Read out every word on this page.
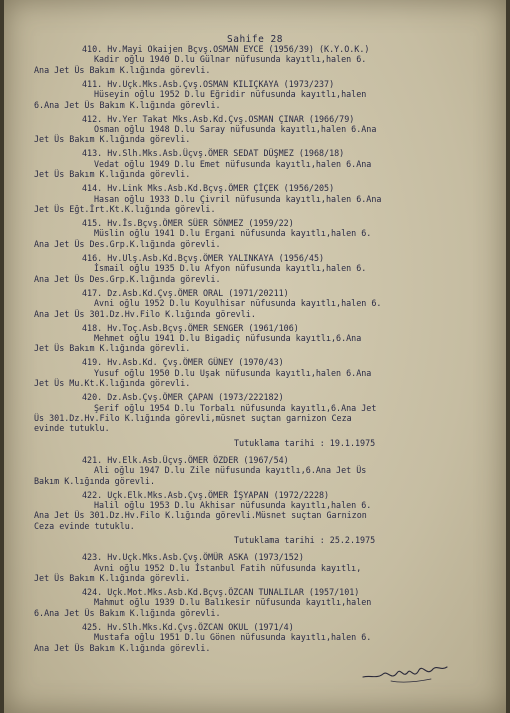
Sahife 28
410. Hv.Mayi Okaijen Bçvş.OSMAN EYCE (1956/39) (K.Y.O.K.)
Kadir oğlu 1940 D.lu Gülnar nüfusunda kayıtlı,halen 6.
Ana Jet Üs Bakım K.lığında görevli.
411. Hv.Uçk.Mks.Asb.Çvş.OSMAN KILIÇKAYA (1973/237)
Hüseyin oğlu 1952 D.lu Eğridir nüfusunda kayıtlı,halen
6.Ana Jet Üs Bakım K.lığında görevli.
412. Hv.Yer Takat Mks.Asb.Kd.Çvş.OSMAN ÇINAR (1966/79)
Osman oğlu 1948 D.lu Saray nüfusunda kayıtlı,halen 6.Ana
Jet Üs Bakım K.lığında görevli.
413. Hv.Slh.Mks.Asb.Üçvş.ÖMER SEDAT DÜŞMEZ (1968/18)
Vedat oğlu 1949 D.lu Emet nüfusunda kayıtlı,halen 6.Ana
Jet Üs Bakım K.lığında görevli.
414. Hv.Link Mks.Asb.Kd.Bçvş.ÖMER ÇİÇEK (1956/205)
Hasan oğlu 1933 D.lu Çivril nüfusunda kayıtlı,halen 6.Ana
Jet Üs Eğt.İrt.Kt.K.lığında görevli.
415. Hv.İs.Bçvş.ÖMER SÜER SÖNMEZ (1959/22)
Müslin oğlu 1941 D.lu Ergani nüfusunda kayıtlı,halen 6.
Ana Jet Üs Des.Grp.K.lığında görevli.
416. Hv.Ulş.Asb.Kd.Bçvş.ÖMER YALINKAYA (1956/45)
İsmail oğlu 1935 D.lu Afyon nüfusunda kayıtlı,halen 6.
Ana Jet Üs Des.Grp.K.lığında görevli.
417. Dz.Asb.Kd.Çvş.ÖMER ORAL (1971/20211)
Avni oğlu 1952 D.lu Koyulhisar nüfusunda kayıtlı,halen 6.
Ana Jet Üs 301.Dz.Hv.Filo K.lığında görevli.
418. Hv.Toç.Asb.Bçvş.ÖMER SENGER (1961/106)
Mehmet oğlu 1941 D.lu Bigadiç nüfusunda kayıtlı,6.Ana
Jet Üs Bakım K.lığında görevli.
419. Hv.Asb.Kd. Çvş.ÖMER GÜNEY (1970/43)
Yusuf oğlu 1950 D.lu Uşak nüfusunda kayıtlı,halen 6.Ana
Jet Üs Mu.Kt.K.lığında görevli.
420. Dz.Asb.Çvş.ÖMER ÇAPAN (1973/222182)
Şerif oğlu 1954 D.lu Torbalı nüfusunda kayıtlı,6.Ana Jet
Üs 301.Dz.Hv.Filo K.lığında görevli,müsnet suçtan garnizon Ceza
evinde tutuklu.
Tutuklama tarihi : 19.1.1975
421. Hv.Elk.Asb.Üçvş.ÖMER ÖZDER (1967/54)
Ali oğlu 1947 D.lu Zile nüfusunda kayıtlı,6.Ana Jet Üs
Bakım K.lığında görevli.
422. Uçk.Elk.Mks.Asb.Çvş.ÖMER İŞYAPAN (1972/2228)
Halil oğlu 1953 D.lu Akhisar nüfusunda kayıtlı,halen 6.
Ana Jet Üs 301.Dz.Hv.Filo K.lığında görevli.Müsnet suçtan Garnizon
Ceza evinde tutuklu.
Tutuklama tarihi : 25.2.1975
423. Hv.Uçk.Mks.Asb.Çvş.ÖMÜR ASKA (1973/152)
Avni oğlu 1952 D.lu İstanbul Fatih nüfusunda kayıtlı,
Jet Üs Bakım K.lığında görevli.
424. Uçk.Mot.Mks.Asb.Kd.Bçvş.ÖZCAN TUNALILAR (1957/101)
Mahmut oğlu 1939 D.lu Balıkesir nüfusunda kayıtlı,halen
6.Ana Jet Üs Bakım K.lığında görevli.
425. Hv.Slh.Mks.Kd.Çvş.ÖZCAN OKUL (1971/4)
Mustafa oğlu 1951 D.lu Gönen nüfusunda kayıtlı,halen 6.
Ana Jet Üs Bakım K.lığında görevli.
